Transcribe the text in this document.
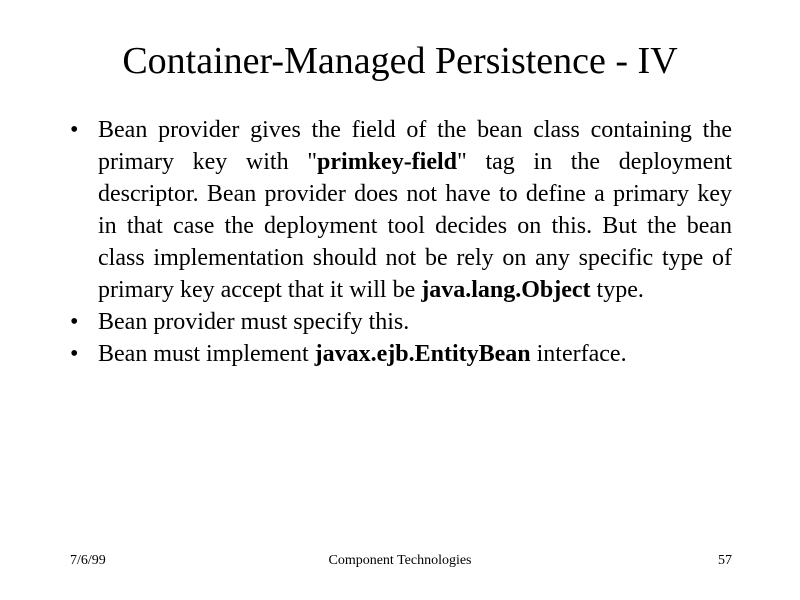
Container-Managed Persistence - IV
• Bean provider gives the field of the bean class containing the primary key with "primkey-field" tag in the deployment descriptor. Bean provider does not have to define a primary key in that case the deployment tool decides on this. But the bean class implementation should not be rely on any specific type of primary key accept that it will be java.lang.Object type.
• Bean provider must specify this.
• Bean must implement javax.ejb.EntityBean interface.
7/6/99	Component Technologies	57
